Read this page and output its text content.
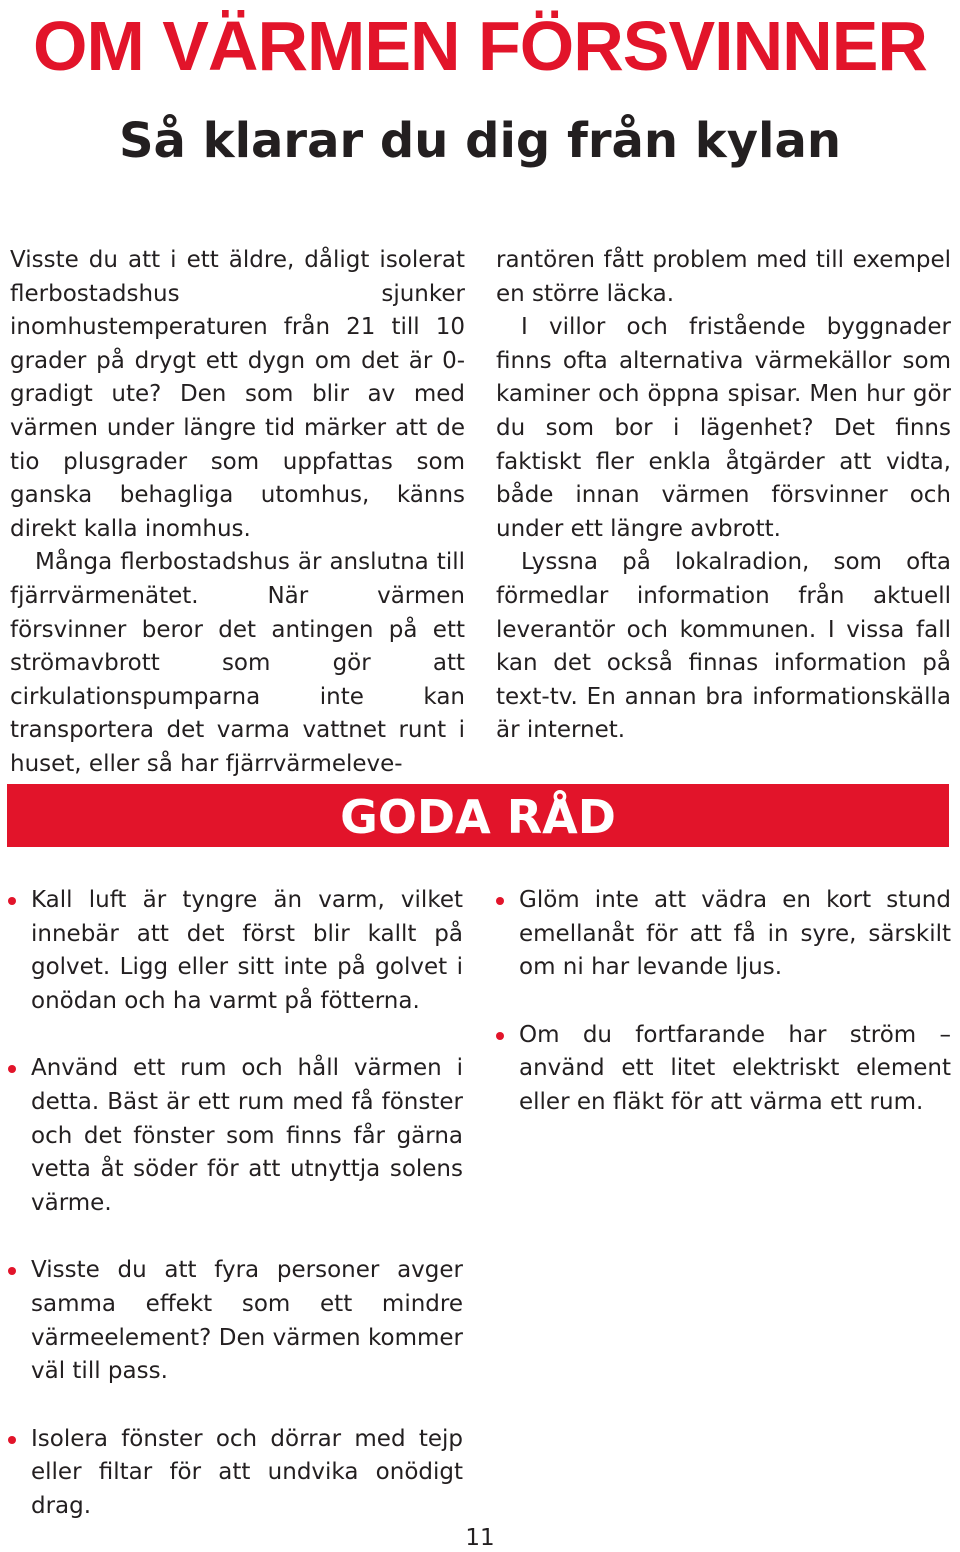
OM VÄRMEN FÖRSVINNER
Så klarar du dig från kylan

Visste du att i ett äldre, dåligt isolerat flerbostadshus sjunker inomhustemperaturen från 21 till 10 grader på drygt ett dygn om det är 0-gradigt ute? Den som blir av med värmen under längre tid märker att de tio plusgrader som uppfattas som ganska behagliga utomhus, känns direkt kalla inomhus.

Många flerbostadshus är anslutna till fjärrvärmenätet. När värmen försvinner beror det antingen på ett strömavbrott som gör att cirkulationspumparna inte kan transportera det varma vattnet runt i huset, eller så har fjärrvärmeleve-

rantören fått problem med till exempel en större läcka.

I villor och fristående byggnader finns ofta alternativa värmekällor som kaminer och öppna spisar. Men hur gör du som bor i lägenhet? Det finns faktiskt fler enkla åtgärder att vidta, både innan värmen försvinner och under ett längre avbrott.

Lyssna på lokalradion, som ofta förmedlar information från aktuell leverantör och kommunen. I vissa fall kan det också finnas information på text-tv. En annan bra informationskälla är internet.

GODA RÅD
Kall luft är tyngre än varm, vilket innebär att det först blir kallt på golvet. Ligg eller sitt inte på golvet i onödan och ha varmt på fötterna.
Använd ett rum och håll värmen i detta. Bäst är ett rum med få fönster och det fönster som finns får gärna vetta åt söder för att utnyttja solens värme.
Visste du att fyra personer avger samma effekt som ett mindre värmeelement? Den värmen kommer väl till pass.
Isolera fönster och dörrar med tejp eller filtar för att undvika onödigt drag.
Glöm inte att vädra en kort stund emellanåt för att få in syre, särskilt om ni har levande ljus.
Om du fortfarande har ström – använd ett litet elektriskt element eller en fläkt för att värma ett rum.
11
